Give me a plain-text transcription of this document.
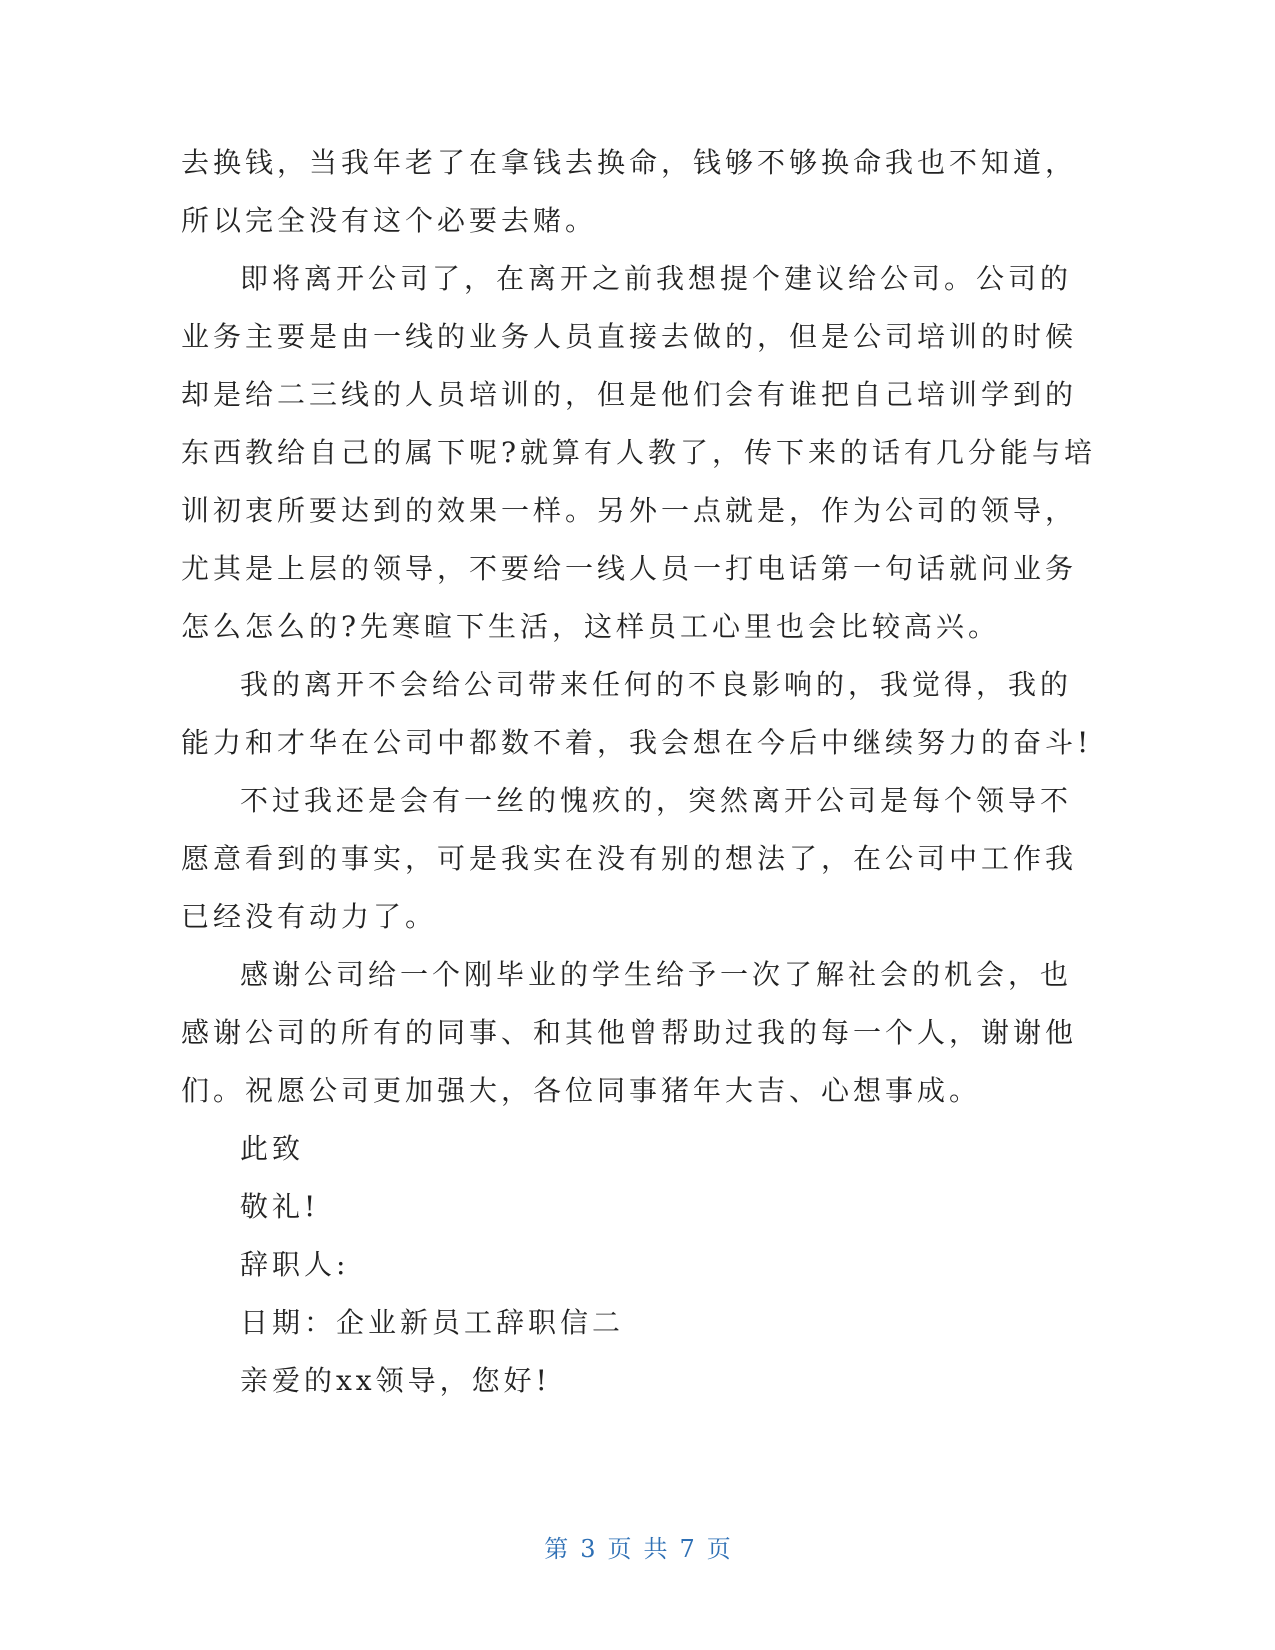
去换钱，当我年老了在拿钱去换命，钱够不够换命我也不知道，
所以完全没有这个必要去赌。
即将离开公司了，在离开之前我想提个建议给公司。公司的
业务主要是由一线的业务人员直接去做的，但是公司培训的时候
却是给二三线的人员培训的，但是他们会有谁把自己培训学到的
东西教给自己的属下呢?就算有人教了，传下来的话有几分能与培
训初衷所要达到的效果一样。另外一点就是，作为公司的领导，
尤其是上层的领导，不要给一线人员一打电话第一句话就问业务
怎么怎么的?先寒暄下生活，这样员工心里也会比较高兴。
我的离开不会给公司带来任何的不良影响的，我觉得，我的
能力和才华在公司中都数不着，我会想在今后中继续努力的奋斗!
不过我还是会有一丝的愧疚的，突然离开公司是每个领导不
愿意看到的事实，可是我实在没有别的想法了，在公司中工作我
已经没有动力了。
感谢公司给一个刚毕业的学生给予一次了解社会的机会，也
感谢公司的所有的同事、和其他曾帮助过我的每一个人，谢谢他
们。祝愿公司更加强大，各位同事猪年大吉、心想事成。
此致
敬礼!
辞职人:
日期：企业新员工辞职信二
亲爱的xx领导，您好!
第 3 页 共 7 页
